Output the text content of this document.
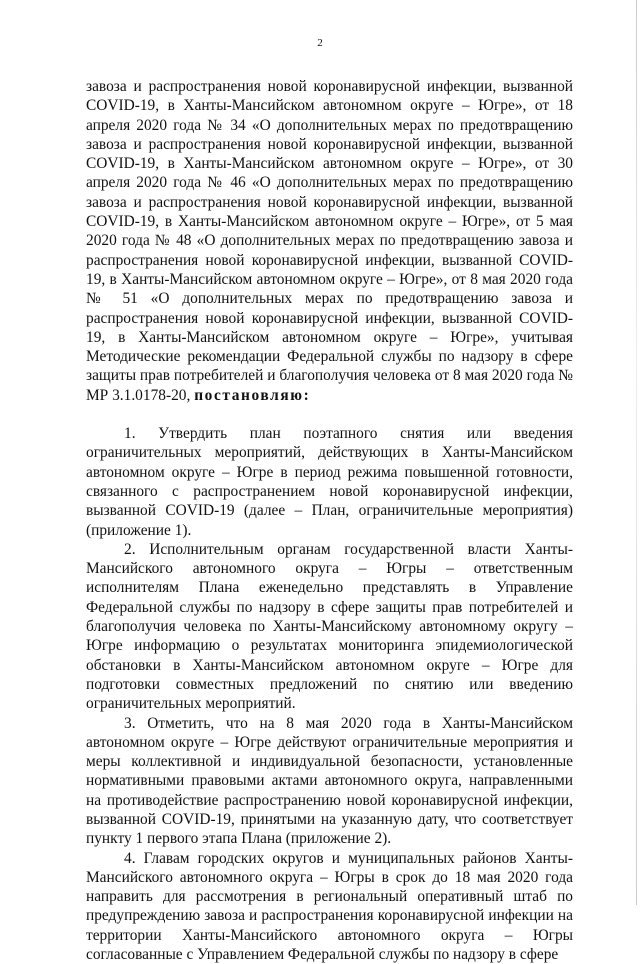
2

завоза и распространения новой коронавирусной инфекции, вызванной COVID-19, в Ханты-Мансийском автономном округе – Югре», от 18 апреля 2020 года № 34 «О дополнительных мерах по предотвращению завоза и распространения новой коронавирусной инфекции, вызванной COVID-19, в Ханты-Мансийском автономном округе – Югре», от 30 апреля 2020 года № 46 «О дополнительных мерах по предотвращению завоза и распространения новой коронавирусной инфекции, вызванной COVID-19, в Ханты-Мансийском автономном округе – Югре», от 5 мая 2020 года № 48 «О дополнительных мерах по предотвращению завоза и распространения новой коронавирусной инфекции, вызванной COVID-19, в Ханты-Мансийском автономном округе – Югре», от 8 мая 2020 года № 51 «О дополнительных мерах по предотвращению завоза и распространения новой коронавирусной инфекции, вызванной COVID-19, в Ханты-Мансийском автономном округе – Югре», учитывая Методические рекомендации Федеральной службы по надзору в сфере защиты прав потребителей и благополучия человека от 8 мая 2020 года № МР 3.1.0178-20, постановляю:

1. Утвердить план поэтапного снятия или введения ограничительных мероприятий, действующих в Ханты-Мансийском автономном округе – Югре в период режима повышенной готовности, связанного с распространением новой коронавирусной инфекции, вызванной COVID-19 (далее – План, ограничительные мероприятия) (приложение 1).

2. Исполнительным органам государственной власти Ханты-Мансийского автономного округа – Югры – ответственным исполнителям Плана еженедельно представлять в Управление Федеральной службы по надзору в сфере защиты прав потребителей и благополучия человека по Ханты-Мансийскому автономному округу – Югре информацию о результатах мониторинга эпидемиологической обстановки в Ханты-Мансийском автономном округе – Югре для подготовки совместных предложений по снятию или введению ограничительных мероприятий.

3. Отметить, что на 8 мая 2020 года в Ханты-Мансийском автономном округе – Югре действуют ограничительные мероприятия и меры коллективной и индивидуальной безопасности, установленные нормативными правовыми актами автономного округа, направленными на противодействие распространению новой коронавирусной инфекции, вызванной COVID-19, принятыми на указанную дату, что соответствует пункту 1 первого этапа Плана (приложение 2).

4. Главам городских округов и муниципальных районов Ханты-Мансийского автономного округа – Югры в срок до 18 мая 2020 года направить для рассмотрения в региональный оперативный штаб по предупреждению завоза и распространения коронавирусной инфекции на территории Ханты-Мансийского автономного округа – Югры согласованные с Управлением Федеральной службы по надзору в сфере
